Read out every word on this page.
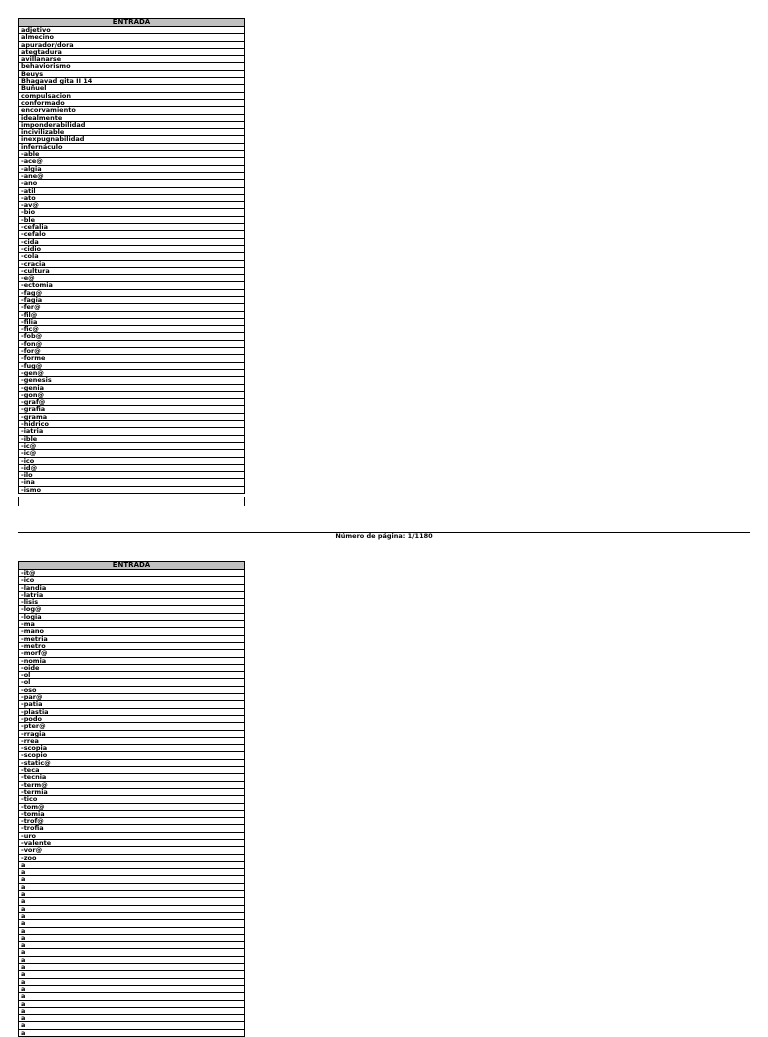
ENTRADA
adjetivo
almecino
apurador/dora
ategtadura
avillanarse
behaviorismo
Beuys
Bhagavad gita II 14
Buñuel
compulsacion
conformado
encorvamiento
idealmente
imponderabilidad
incivilizable
inexpugnabilidad
infernáculo
-able
-ace@
-algia
-ane@
-ano
-atil
-ato
-av@
-bio
-ble
-cefalia
-cefalo
-cida
-cidio
-cola
-cracia
-cultura
-e@
-ectomia
-fag@
-fagia
-fer@
-fil@
-filia
-fic@
-fob@
-fon@
-for@
-forme
-fug@
-gen@
-genesis
-genia
-gon@
-graf@
-grafia
-grama
-hidrico
-iatria
-ible
-ic@
-ic@
-ico
-id@
-ilo
-ina
-ismo
Número de página: 1/1180
ENTRADA
-it@
-ico
-landia
-latria
-lisis
-log@
-logia
-ma
-mano
-metria
-metro
-morf@
-nomia
-oide
-ol
-ol
-oso
-par@
-patia
-plastia
-podo
-pter@
-rragia
-rrea
-scopia
-scopio
-static@
-teca
-tecnia
-term@
-termia
-tico
-tom@
-tomia
-trof@
-trofia
-uro
-valente
-vor@
-zoo
a
a
a
a
a
a
a
a
a
a
a
a
a
a
a
a
a
a
a
a
a
a
a
a
